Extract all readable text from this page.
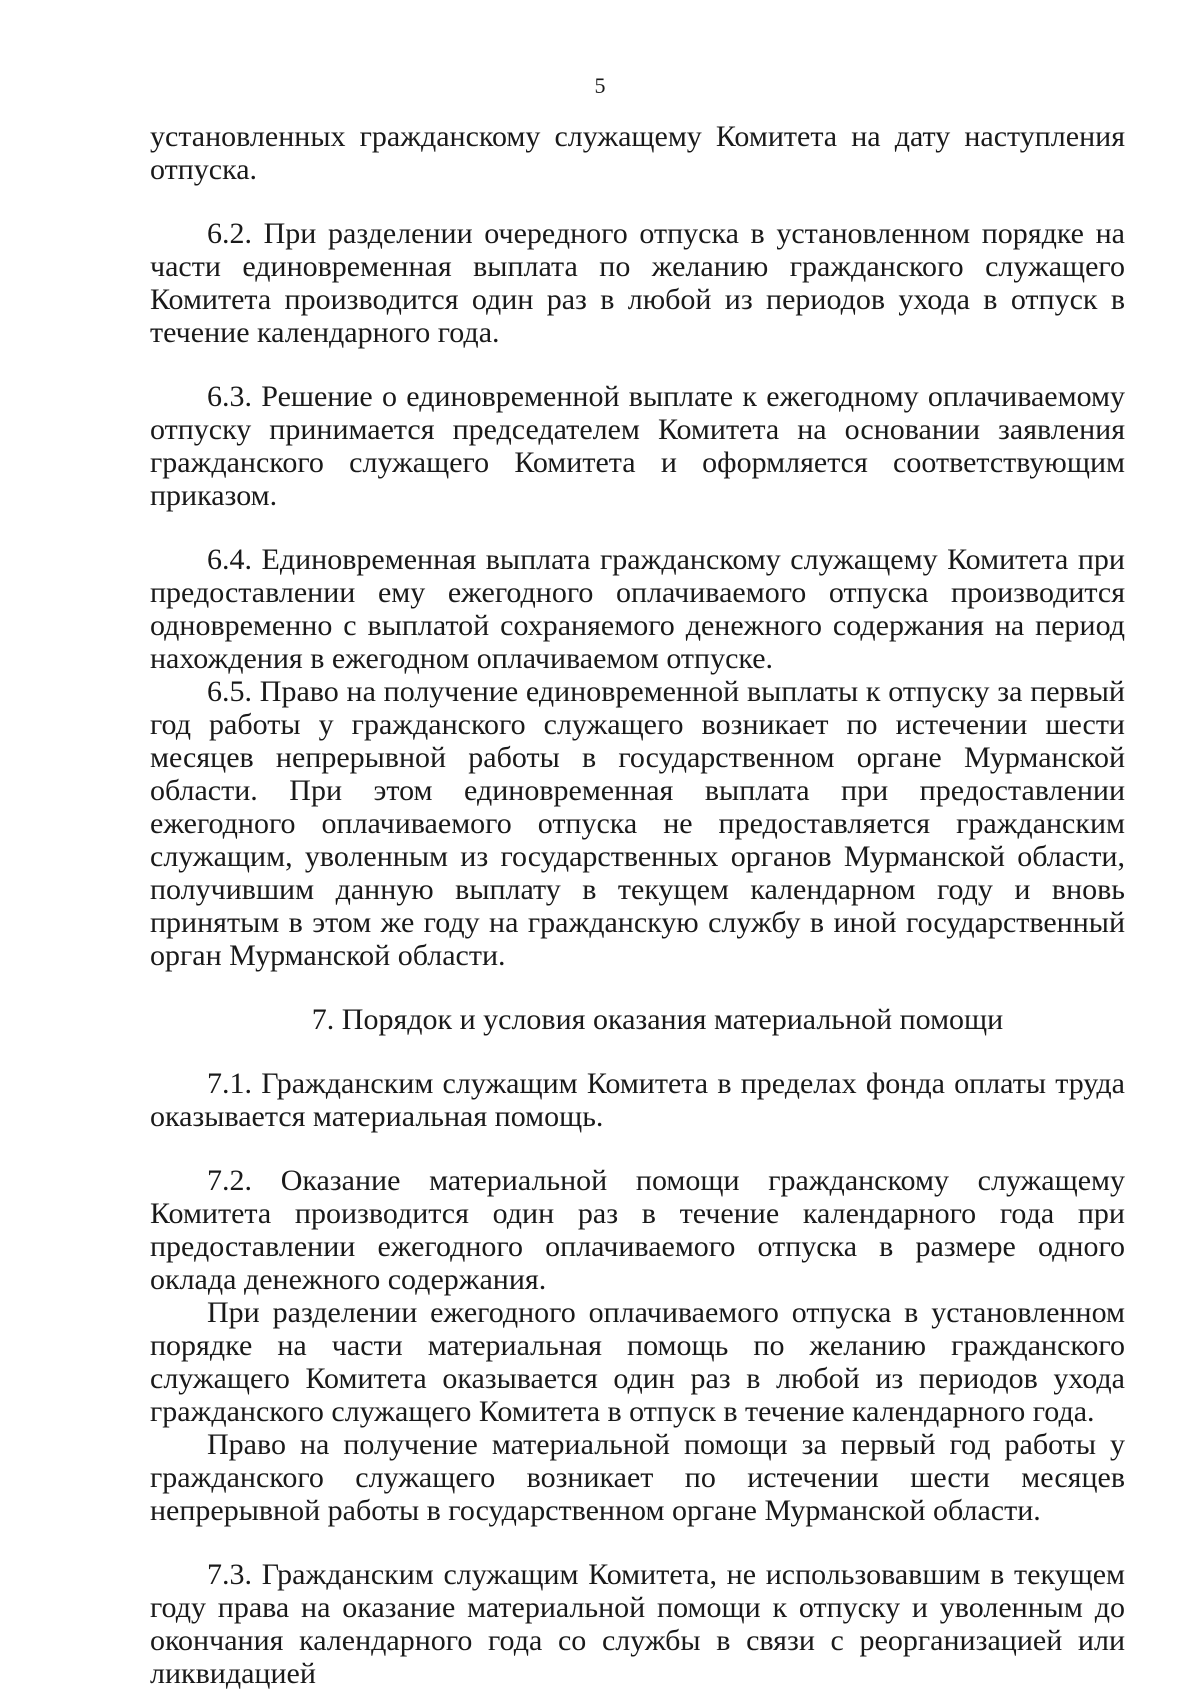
5

установленных гражданскому служащему Комитета на дату наступления отпуска.

6.2. При разделении очередного отпуска в установленном порядке на части единовременная выплата по желанию гражданского служащего Комитета производится один раз в любой из периодов ухода в отпуск в течение календарного года.

6.3. Решение о единовременной выплате к ежегодному оплачиваемому отпуску принимается председателем Комитета на основании заявления гражданского служащего Комитета и оформляется соответствующим приказом.

6.4. Единовременная выплата гражданскому служащему Комитета при предоставлении ему ежегодного оплачиваемого отпуска производится одновременно с выплатой сохраняемого денежного содержания на период нахождения в ежегодном оплачиваемом отпуске.

6.5. Право на получение единовременной выплаты к отпуску за первый год работы у гражданского служащего возникает по истечении шести месяцев непрерывной работы в государственном органе Мурманской области. При этом единовременная выплата при предоставлении ежегодного оплачиваемого отпуска не предоставляется гражданским служащим, уволенным из государственных органов Мурманской области, получившим данную выплату в текущем календарном году и вновь принятым в этом же году на гражданскую службу в иной государственный орган Мурманской области.

7. Порядок и условия оказания материальной помощи

7.1. Гражданским служащим Комитета в пределах фонда оплаты труда оказывается материальная помощь.

7.2. Оказание материальной помощи гражданскому служащему Комитета производится один раз в течение календарного года при предоставлении ежегодного оплачиваемого отпуска в размере одного оклада денежного содержания.

При разделении ежегодного оплачиваемого отпуска в установленном порядке на части материальная помощь по желанию гражданского служащего Комитета оказывается один раз в любой из периодов ухода гражданского служащего Комитета в отпуск в течение календарного года.

Право на получение материальной помощи за первый год работы у гражданского служащего возникает по истечении шести месяцев непрерывной работы в государственном органе Мурманской области.

7.3. Гражданским служащим Комитета, не использовавшим в текущем году права на оказание материальной помощи к отпуску и уволенным до окончания календарного года со службы в связи с реорганизацией или ликвидацией
